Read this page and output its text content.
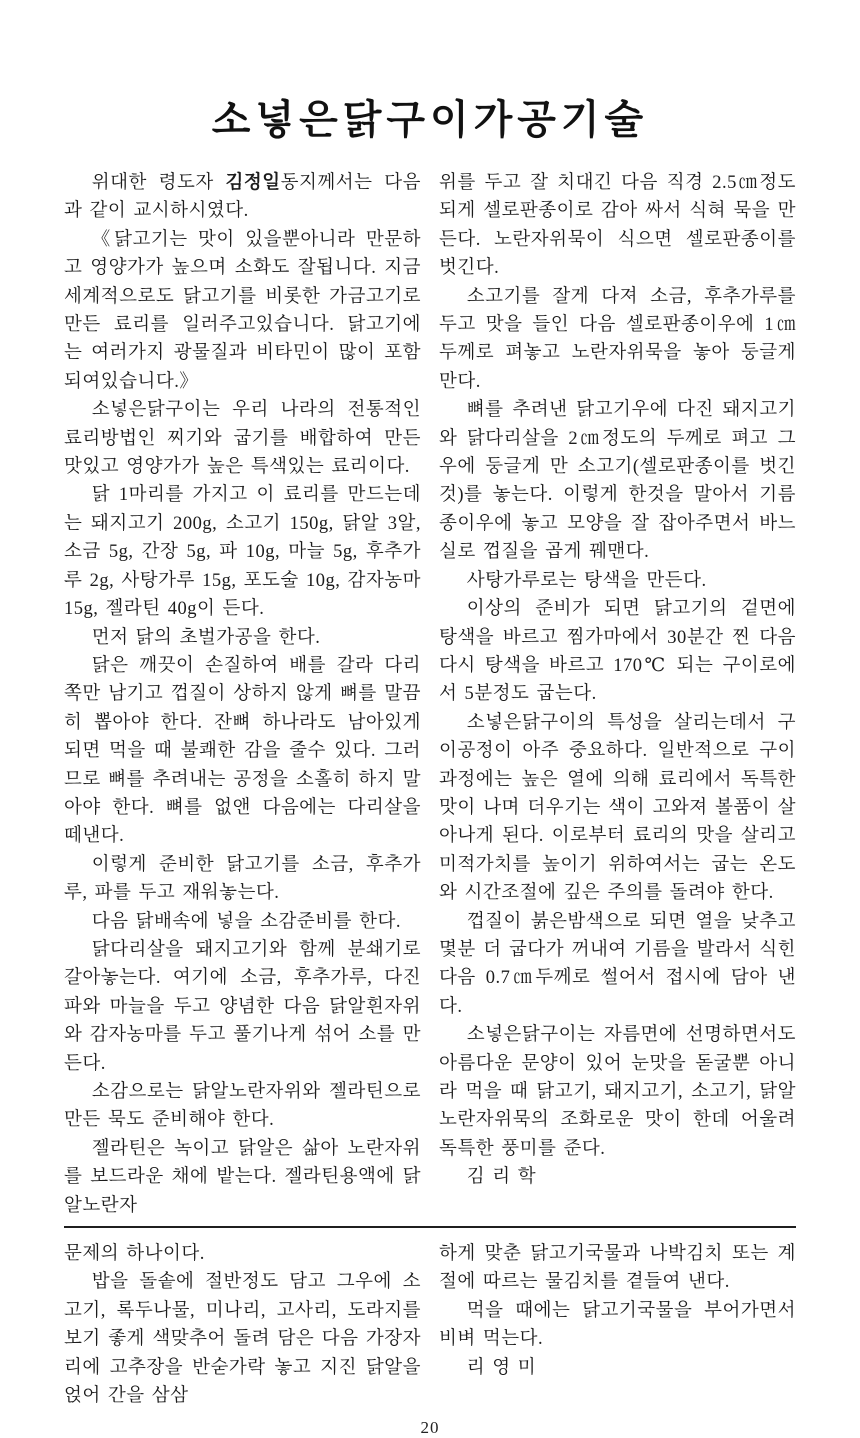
소넣은닭구이가공기술

위대한 령도자 김정일동지께서는 다음과 같이 교시하시였다.

《닭고기는 맛이 있을뿐아니라 만문하고 영양가가 높으며 소화도 잘됩니다. 지금 세계적으로도 닭고기를 비롯한 가금고기로 만든 료리를 일러주고있습니다. 닭고기에는 여러가지 광물질과 비타민이 많이 포함되여있습니다.》

소넣은닭구이는 우리 나라의 전통적인 료리방법인 찌기와 굽기를 배합하여 만든 맛있고 영양가가 높은 특색있는 료리이다.

닭 1마리를 가지고 이 료리를 만드는데는 돼지고기 200g, 소고기 150g, 닭알 3알, 소금 5g, 간장 5g, 파 10g, 마늘 5g, 후추가루 2g, 사탕가루 15g, 포도술 10g, 감자농마 15g, 젤라틴 40g이 든다.

먼저 닭의 초벌가공을 한다.

닭은 깨끗이 손질하여 배를 갈라 다리쪽만 남기고 껍질이 상하지 않게 뼈를 말끔히 뽑아야 한다. 잔뼈 하나라도 남아있게 되면 먹을 때 불쾌한 감을 줄수 있다. 그러므로 뼈를 추려내는 공정을 소홀히 하지 말아야 한다. 뼈를 없앤 다음에는 다리살을 떼낸다.

이렇게 준비한 닭고기를 소금, 후추가루, 파를 두고 재워놓는다.

다음 닭배속에 넣을 소감준비를 한다.

닭다리살을 돼지고기와 함께 분쇄기로 갈아놓는다. 여기에 소금, 후추가루, 다진 파와 마늘을 두고 양념한 다음 닭알흰자위와 감자농마를 두고 풀기나게 섞어 소를 만든다.

소감으로는 닭알노란자위와 젤라틴으로 만든 묵도 준비해야 한다.

젤라틴은 녹이고 닭알은 삶아 노란자위를 보드라운 채에 밭는다. 젤라틴용액에 닭알노란자

위를 두고 잘 치대긴 다음 직경 2.5㎝정도 되게 셀로판종이로 감아 싸서 식혀 묵을 만든다. 노란자위묵이 식으면 셀로판종이를 벗긴다.

소고기를 잘게 다져 소금, 후추가루를 두고 맛을 들인 다음 셀로판종이우에 1㎝두께로 펴놓고 노란자위묵을 놓아 둥글게 만다.

뼈를 추려낸 닭고기우에 다진 돼지고기와 닭다리살을 2㎝정도의 두께로 펴고 그우에 둥글게 만 소고기(셀로판종이를 벗긴것)를 놓는다. 이렇게 한것을 말아서 기름종이우에 놓고 모양을 잘 잡아주면서 바느실로 껍질을 곱게 꿰맨다.

사탕가루로는 탕색을 만든다.

이상의 준비가 되면 닭고기의 겉면에 탕색을 바르고 찜가마에서 30분간 찐 다음 다시 탕색을 바르고 170℃ 되는 구이로에서 5분정도 굽는다.

소넣은닭구이의 특성을 살리는데서 구이공정이 아주 중요하다. 일반적으로 구이과정에는 높은 열에 의해 료리에서 독특한 맛이 나며 더우기는 색이 고와져 볼품이 살아나게 된다. 이로부터 료리의 맛을 살리고 미적가치를 높이기 위하여서는 굽는 온도와 시간조절에 깊은 주의를 돌려야 한다.

껍질이 붉은밤색으로 되면 열을 낮추고 몇분 더 굽다가 꺼내여 기름을 발라서 식힌 다음 0.7㎝두께로 썰어서 접시에 담아 낸다.

소넣은닭구이는 자름면에 선명하면서도 아름다운 문양이 있어 눈맛을 돋굴뿐 아니라 먹을 때 닭고기, 돼지고기, 소고기, 닭알노란자위묵의 조화로운 맛이 한데 어울려 독특한 풍미를 준다.

김 리 학

문제의 하나이다.

밥을 돌솥에 절반정도 담고 그우에 소고기, 록두나물, 미나리, 고사리, 도라지를 보기 좋게 색맞추어 돌려 담은 다음 가장자리에 고추장을 반숟가락 놓고 지진 닭알을 얹어 간을 삼삼

하게 맞춘 닭고기국물과 나박김치 또는 계절에 따르는 물김치를 곁들여 낸다.

먹을 때에는 닭고기국물을 부어가면서 비벼 먹는다.

리 영 미

20
